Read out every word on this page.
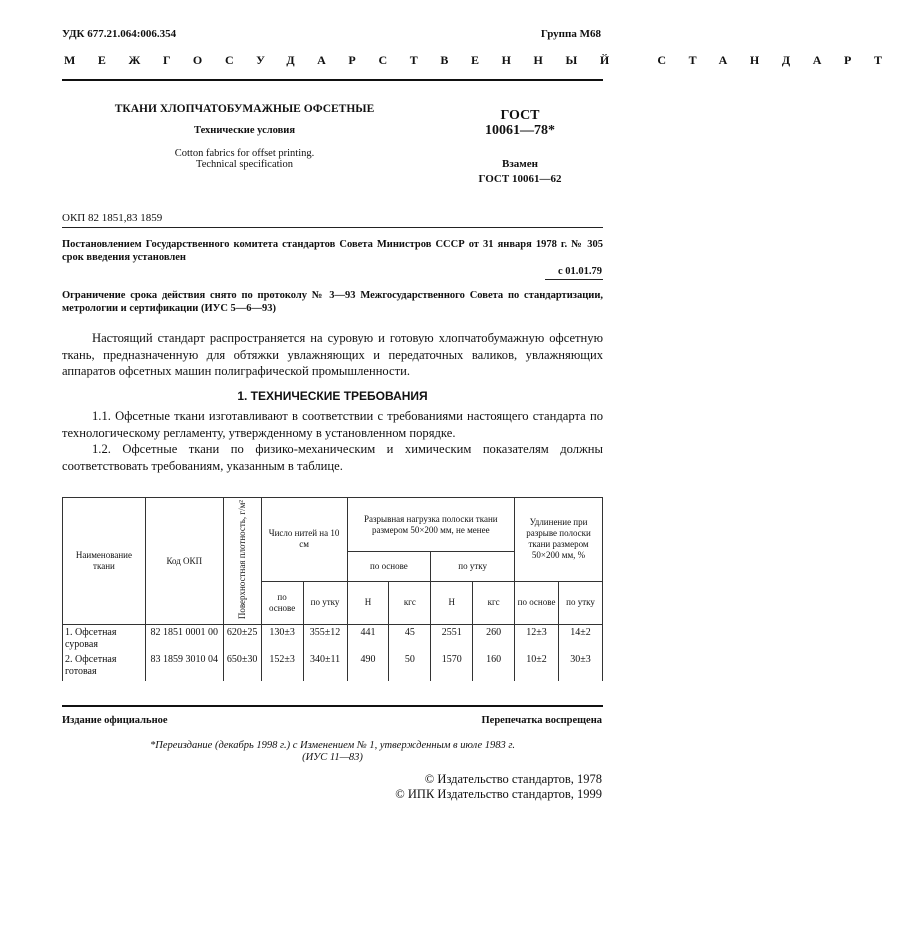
УДК 677.21.064:006.354	Группа М68
МЕЖГОСУДАРСТВЕННЫЙ СТАНДАРТ
ТКАНИ ХЛОПЧАТОБУМАЖНЫЕ ОФСЕТНЫЕ
Технические условия
Cotton fabrics for offset printing.
Technical specification
ГОСТ
10061—78*
Взамен
ГОСТ 10061—62
ОКП 82 1851,83 1859
Постановлением Государственного комитета стандартов Совета Министров СССР от 31 января 1978 г. № 305 срок введения установлен
с 01.01.79
Ограничение срока действия снято по протоколу № 3—93 Межгосударственного Совета по стандартизации, метрологии и сертификации (ИУС 5—6—93)

Настоящий стандарт распространяется на суровую и готовую хлопчатобумажную офсетную ткань, предназначенную для обтяжки увлажняющих и передаточных валиков, увлажняющих аппаратов офсетных машин полиграфической промышленности.

1. ТЕХНИЧЕСКИЕ ТРЕБОВАНИЯ

1.1. Офсетные ткани изготавливают в соответствии с требованиями настоящего стандарта по технологическому регламенту, утвержденному в установленном порядке.

1.2. Офсетные ткани по физико-механическим и химическим показателям должны соответствовать требованиям, указанным в таблице.

Наименование ткани	Код ОКП	Поверхностная плотность, г/м²	Число нитей на 10 см		Разрывная нагрузка полоски ткани размером 50×200 мм, не менее				Удлинение при разрыве полоски ткани размером 50×200 мм, %	
					по основе		по утку			
			по основе	по утку	Н	кгс	Н	кгс	по основе	по утку
1. Офсетная
суровая	82 1851 0001 00	620±25	130±3	355±12	441	45	2551	260	12±3	14±2
2. Офсетная
готовая	83 1859 3010 04	650±30	152±3	340±11	490	50	1570	160	10±2	30±3
Издание официальное	Перепечатка воспрещена
*Переиздание (декабрь 1998 г.) с Изменением № 1, утвержденным в июле 1983 г.
(ИУС 11—83)
© Издательство стандартов, 1978
© ИПК Издательство стандартов, 1999
